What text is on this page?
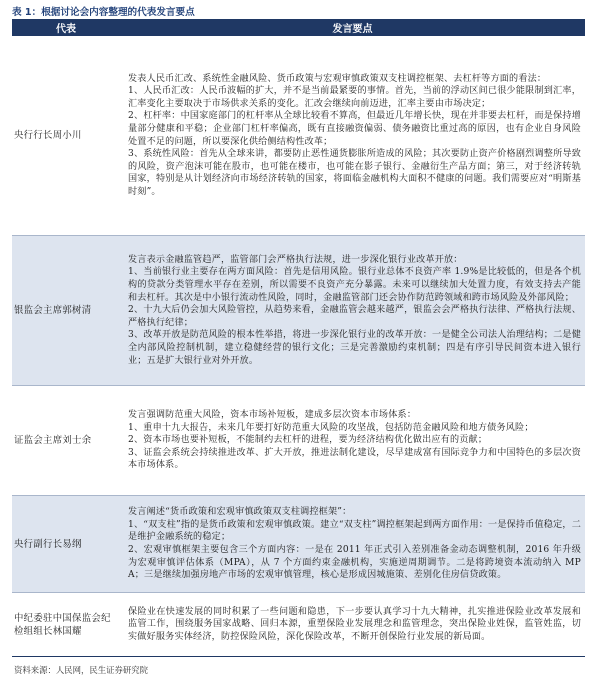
表 1：根据讨论会内容整理的代表发言要点
代表	发言要点
央行行长周小川	发表人民币汇改、系统性金融风险、货币政策与宏观审慎政策双支柱调控框架、去杠杆等方面的看法：

1、人民币汇改：人民币波幅的扩大，并不是当前最紧要的事情。首先，当前的浮动区间已很少能限制到汇率，汇率变化主要取决于市场供求关系的变化。汇改会继续向前迈进，汇率主要由市场决定；

2、杠杆率：中国家庭部门的杠杆率从全球比较看不算高，但最近几年增长快，现在并非要去杠杆，而是保持增量部分健康和平稳；企业部门杠杆率偏高，既有直接融资偏弱、债务融资比重过高的原因，也有企业自身风险处置不足的问题，所以要深化供给侧结构性改革；

3、系统性风险：首先从全球来讲，都要防止恶性通货膨胀所造成的风险；其次要防止资产价格剧烈调整所导致的风险，资产泡沫可能在股市，也可能在楼市，也可能在影子银行、金融衍生产品方面；第三，对于经济转轨国家，特别是从计划经济向市场经济转轨的国家，将面临金融机构大面积不健康的问题。我们需要应对“明斯基时刻”。

银监会主席郭树清	发言表示金融监管趋严，监管部门会严格执行法规，进一步深化银行业改革开放：

1、当前银行业主要存在两方面风险：首先是信用风险。银行业总体不良资产率 1.9%是比较低的，但是各个机构的贷款分类管理水平存在差别，所以需要不良资产充分暴露。未来可以继续加大处置力度，有效支持去产能和去杠杆。其次是中小银行流动性风险，同时，金融监管部门还会协作防范跨领域和跨市场风险及外部风险；

2、十九大后仍会加大风险管控，从趋势来看，金融监管会越来越严，银监会会严格执行法律、严格执行法规、严格执行纪律；

3、改革开放是防范风险的根本性举措，将进一步深化银行业的改革开放：一是健全公司法人治理结构；二是健全内部风险控制机制，建立稳健经营的银行文化；三是完善激励约束机制；四是有序引导民间资本进入银行业；五是扩大银行业对外开放。

证监会主席刘士余	发言强调防范重大风险，资本市场补短板，建成多层次资本市场体系：

1、重申十九大报告，未来几年要打好防范重大风险的攻坚战，包括防范金融风险和地方债务风险；

2、资本市场也要补短板，不能制约去杠杆的进程，要为经济结构优化做出应有的贡献；

3、证监会系统会持续推进改革、扩大开放，推进法制化建设，尽早建成富有国际竞争力和中国特色的多层次资本市场体系。

央行副行长易纲	发言阐述“货币政策和宏观审慎政策双支柱调控框架”：

1、“双支柱”指的是货币政策和宏观审慎政策。建立“双支柱”调控框架起到两方面作用：一是保持币值稳定，二是维护金融系统的稳定；

2、宏观审慎框架主要包含三个方面内容：一是在 2011 年正式引入差别准备金动态调整机制，2016 年升级为宏观审慎评估体系（MPA），从 7 个方面约束金融机构，实施逆周期调节。二是将跨境资本流动纳入 MPA；三是继续加强房地产市场的宏观审慎管理，核心是形成因城施策、差别化住房信贷政策。

中纪委驻中国保监会纪检组组长林国耀	保险业在快速发展的同时积累了一些问题和隐患，下一步要认真学习十九大精神，扎实推进保险业改革发展和监管工作，围绕服务国家战略、回归本源，重塑保险业发展理念和监管理念，突出保险业姓保，监管姓监，切实做好服务实体经济，防控保险风险，深化保险改革，不断开创保险行业发展的新局面。

资料来源：人民网，民生证券研究院
